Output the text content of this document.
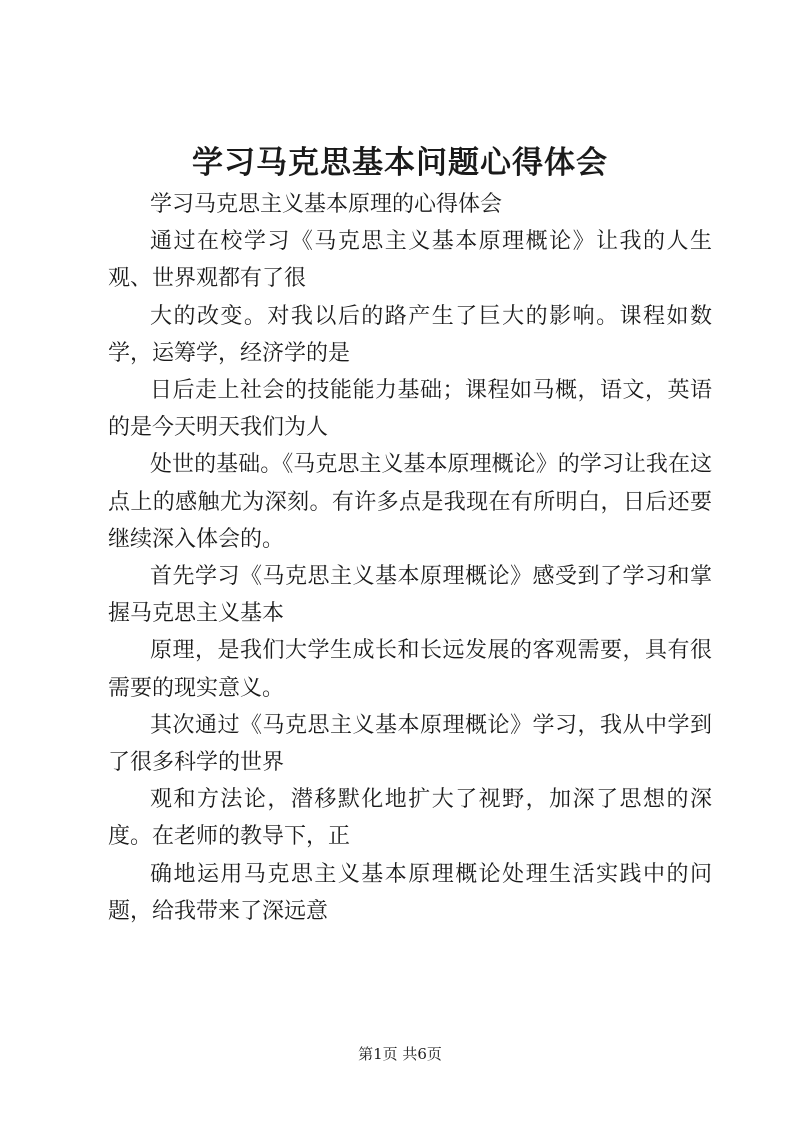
学习马克思基本问题心得体会

学习马克思主义基本原理的心得体会

通过在校学习《马克思主义基本原理概论》让我的人生观、世界观都有了很

大的改变。对我以后的路产生了巨大的影响。课程如数学，运筹学，经济学的是

日后走上社会的技能能力基础；课程如马概，语文，英语的是今天明天我们为人

处世的基础。《马克思主义基本原理概论》的学习让我在这点上的感触尤为深刻。有许多点是我现在有所明白，日后还要继续深入体会的。

首先学习《马克思主义基本原理概论》感受到了学习和掌握马克思主义基本

原理，是我们大学生成长和长远发展的客观需要，具有很需要的现实意义。

其次通过《马克思主义基本原理概论》学习，我从中学到了很多科学的世界

观和方法论，潜移默化地扩大了视野，加深了思想的深度。在老师的教导下，正

确地运用马克思主义基本原理概论处理生活实践中的问题，给我带来了深远意

第1页 共6页
